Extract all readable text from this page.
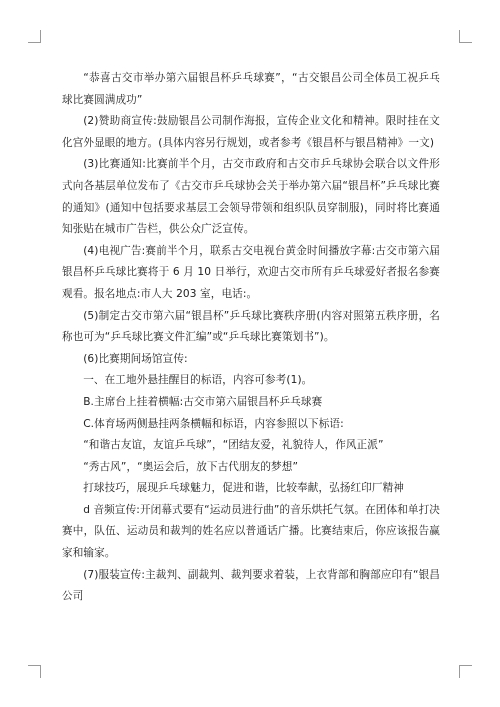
“恭喜古交市举办第六届银昌杯乒乓球赛”，“古交银昌公司全体员工祝乒乓球比赛圆满成功”

(2)赞助商宣传:鼓励银昌公司制作海报，宣传企业文化和精神。限时挂在文化宫外显眼的地方。(具体内容另行规划，或者参考《银昌杯与银昌精神》一文)

(3)比赛通知:比赛前半个月，古交市政府和古交市乒乓球协会联合以文件形式向各基层单位发布了《古交市乒乓球协会关于举办第六届“银昌杯”乒乓球比赛的通知》(通知中包括要求基层工会领导带领和组织队员穿制服)，同时将比赛通知张贴在城市广告栏，供公众广泛宣传。

(4)电视广告:赛前半个月，联系古交电视台黄金时间播放字幕:古交市第六届银昌杯乒乓球比赛将于 6 月 10 日举行，欢迎古交市所有乒乓球爱好者报名参赛观看。报名地点:市人大 203 室，电话:。

(5)制定古交市第六届“银昌杯”乒乓球比赛秩序册(内容对照第五秩序册，名称也可为“乒乓球比赛文件汇编”或“乒乓球比赛策划书”)。

(6)比赛期间场馆宣传:

一、在工地外悬挂醒目的标语，内容可参考(1)。

B.主席台上挂着横幅:古交市第六届银昌杯乒乓球赛

C.体育场两侧悬挂两条横幅和标语，内容参照以下标语:

“和谐古友谊，友谊乒乓球”，“团结友爱，礼貌待人，作风正派”

“秀古风”，“奥运会后，放下古代朋友的梦想”

打球技巧，展现乒乓球魅力，促进和谐，比较奉献，弘扬红印厂精神

d 音频宣传:开闭幕式要有“运动员进行曲”的音乐烘托气氛。在团体和单打决赛中，队伍、运动员和裁判的姓名应以普通话广播。比赛结束后，你应该报告赢家和输家。

(7)服装宣传:主裁判、副裁判、裁判要求着装，上衣背部和胸部应印有“银昌公司
